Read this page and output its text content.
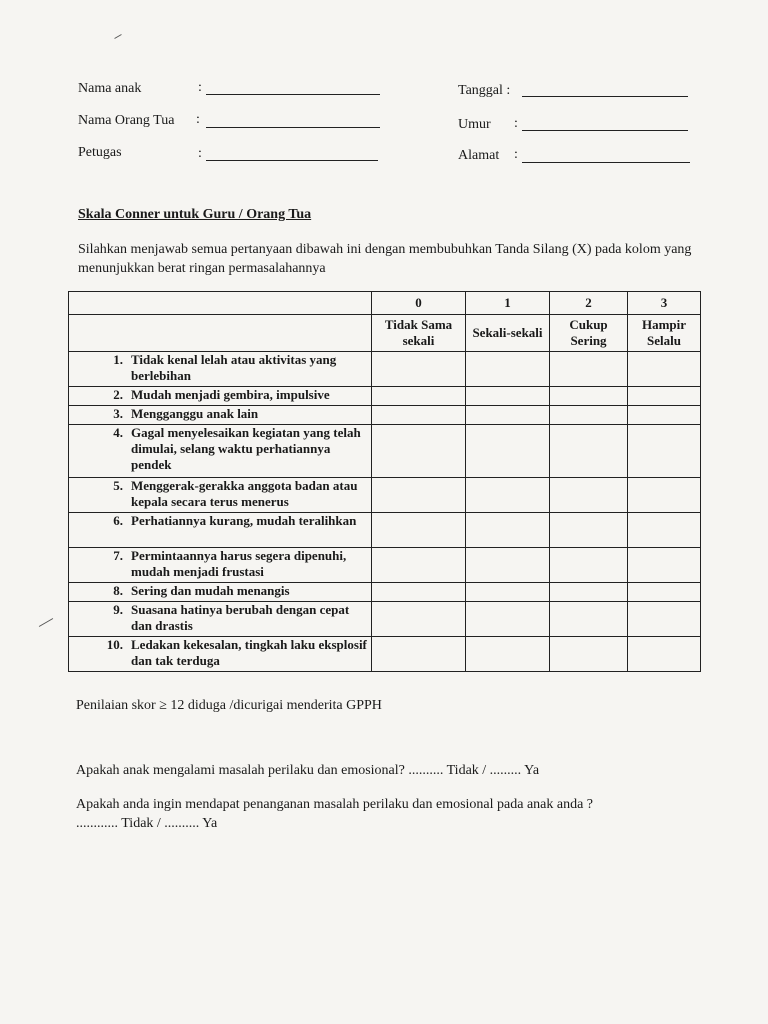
Nama anak	:
Nama Orang Tua :
Petugas	:
Tanggal :
Umur :
Alamat :
Skala Conner untuk Guru / Orang Tua
Silahkan menjawab semua pertanyaan dibawah ini dengan membubuhkan Tanda Silang (X) pada kolom yang menunjukkan berat ringan permasalahannya
	0	1	2	3
	Tidak Sama sekali	Sekali-sekali	Cukup Sering	Hampir Selalu

1. Tidak kenal lelah atau aktivitas yang berlebihan				

2. Mudah menjadi gembira, impulsive				

3. Mengganggu anak lain				

4. Gagal menyelesaikan kegiatan yang telah dimulai, selang waktu perhatiannya pendek				

5. Menggerak-gerakka anggota badan atau kepala secara terus menerus				

6. Perhatiannya kurang, mudah teralihkan				

7. Permintaannya harus segera dipenuhi, mudah menjadi frustasi				

8. Sering dan mudah menangis				

9. Suasana hatinya berubah dengan cepat dan drastis				

10. Ledakan kekesalan, tingkah laku eksplosif dan tak terduga				

Penilaian skor ≥ 12 diduga /dicurigai menderita GPPH
Apakah anak mengalami masalah perilaku dan emosional? .......... Tidak / ......... Ya
Apakah anda ingin mendapat penanganan masalah perilaku dan emosional pada anak anda ?
............ Tidak / .......... Ya
